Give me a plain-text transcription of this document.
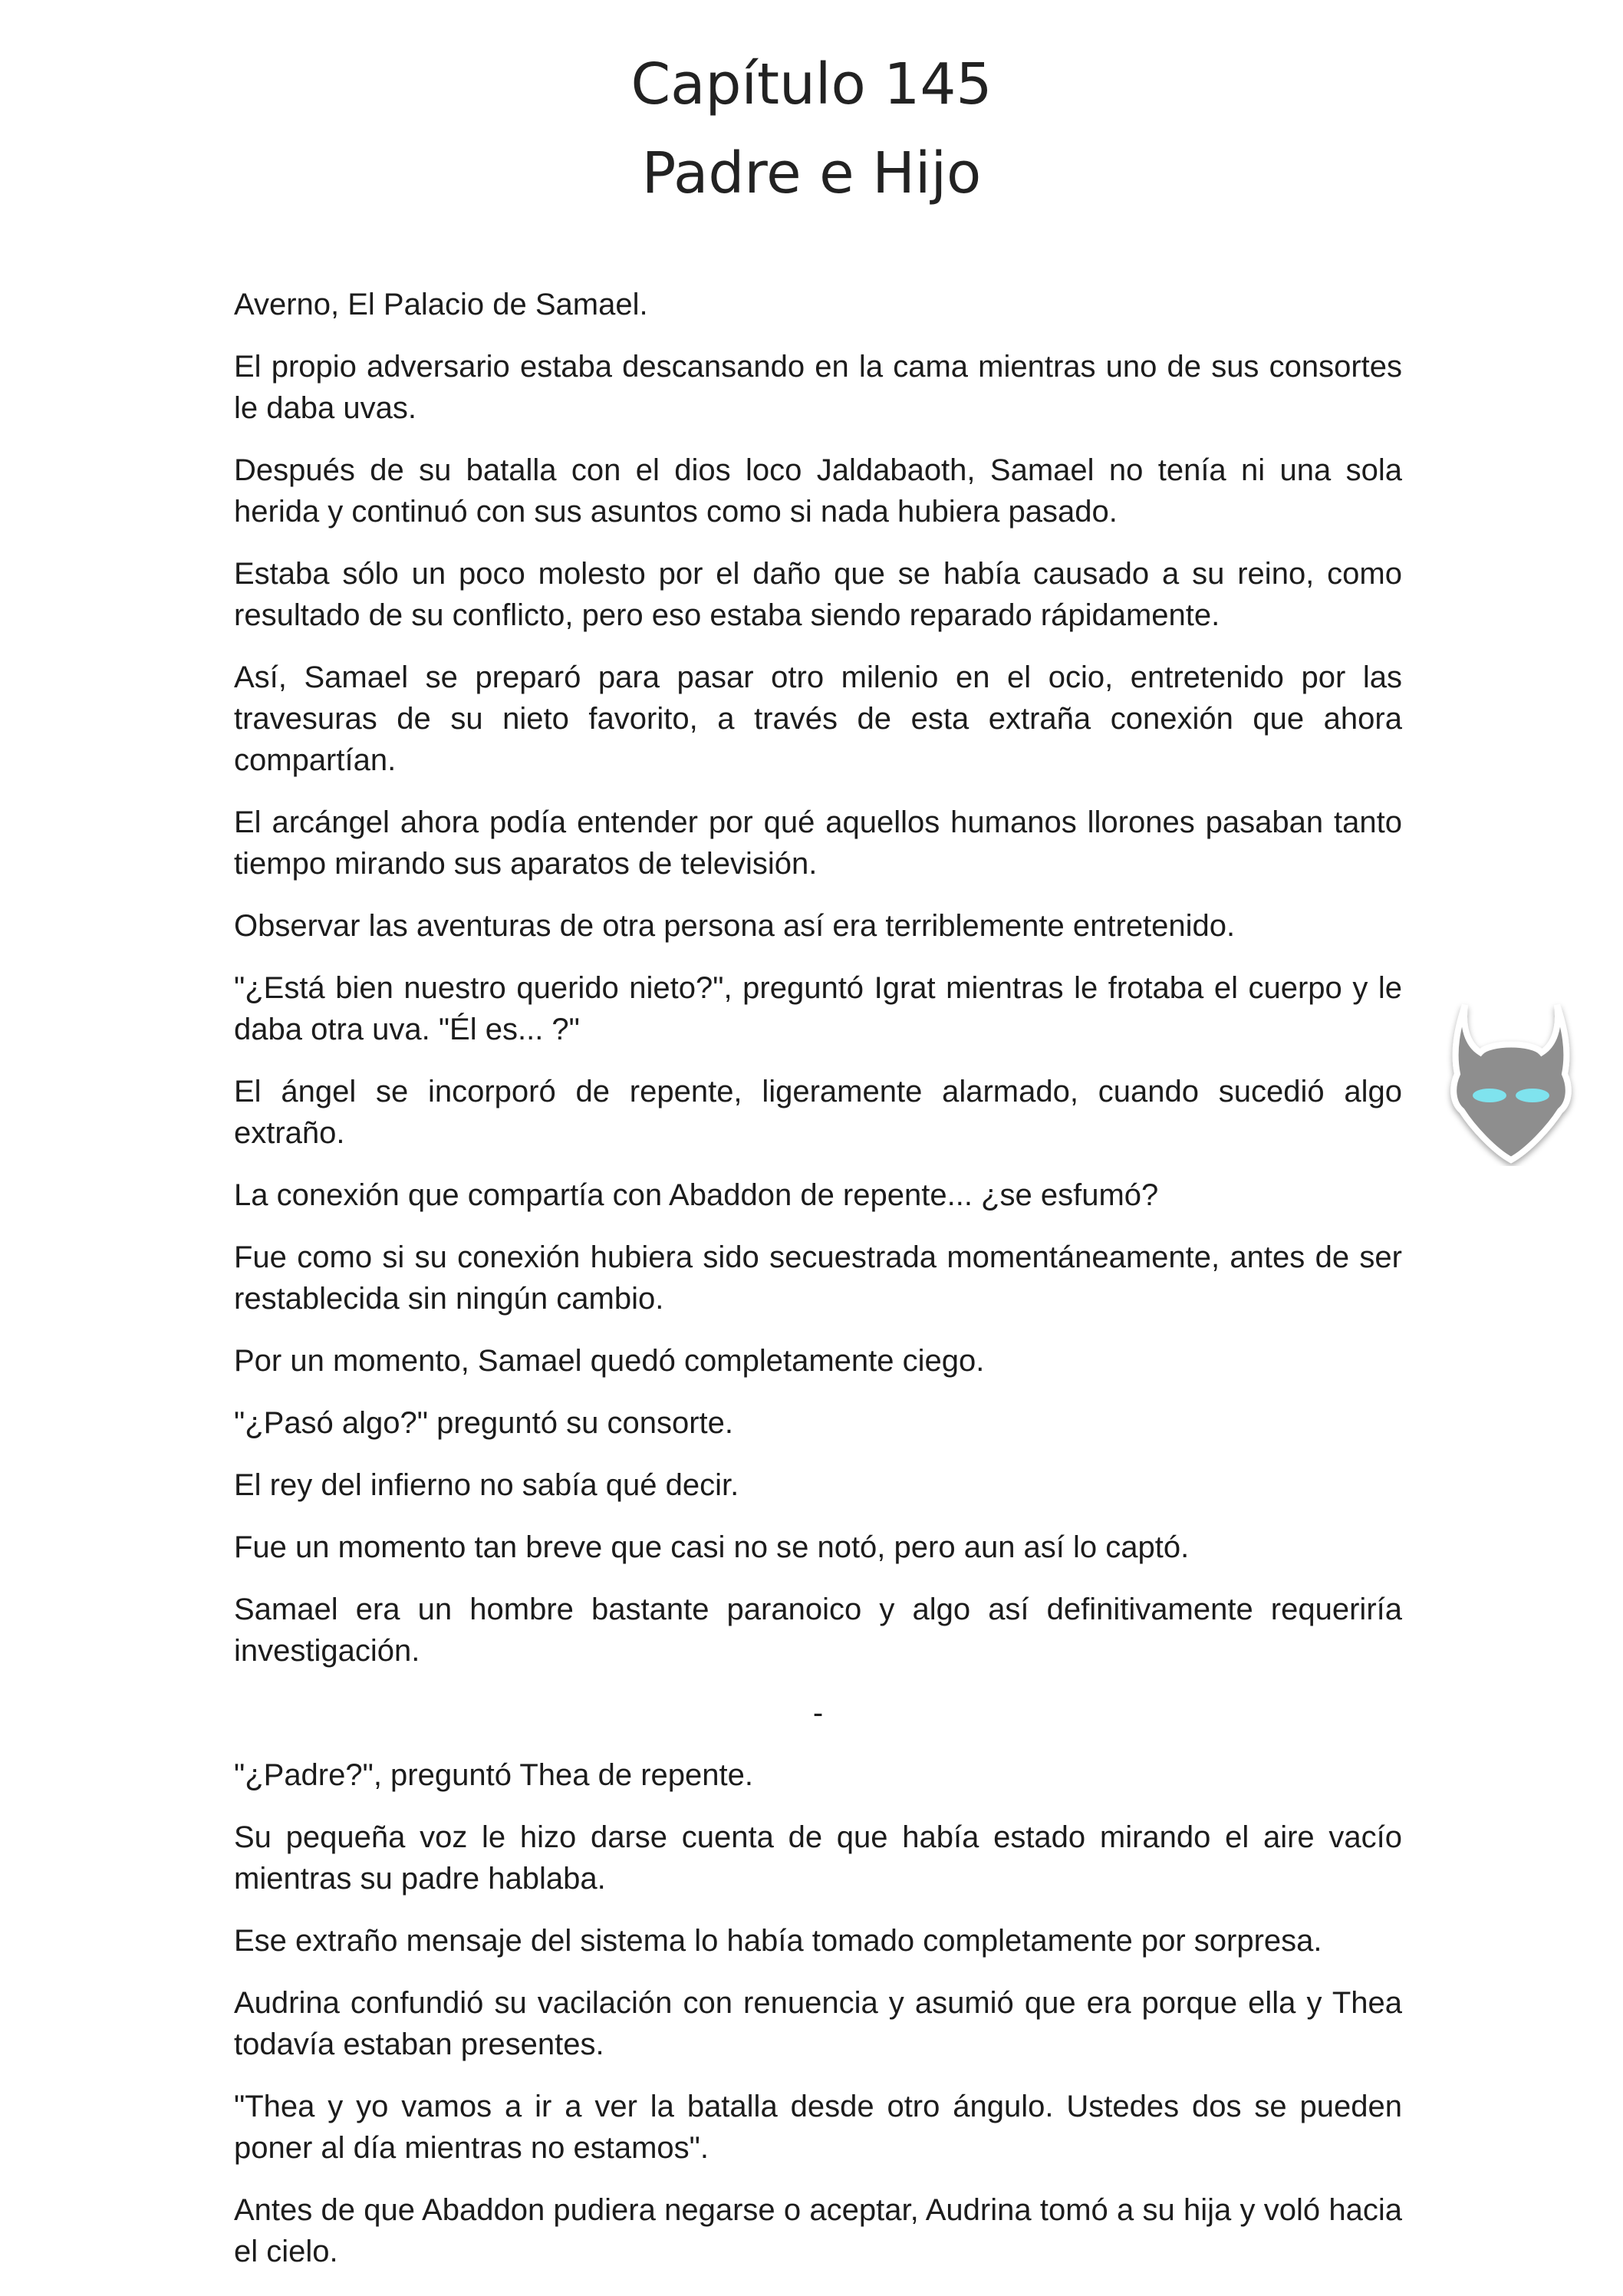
Capítulo 145
Padre e Hijo

Averno, El Palacio de Samael.

El propio adversario estaba descansando en la cama mientras uno de sus consortes le daba uvas.

Después de su batalla con el dios loco Jaldabaoth, Samael no tenía ni una sola herida y continuó con sus asuntos como si nada hubiera pasado.

Estaba sólo un poco molesto por el daño que se había causado a su reino, como resultado de su conflicto, pero eso estaba siendo reparado rápidamente.

Así, Samael se preparó para pasar otro milenio en el ocio, entretenido por las travesuras de su nieto favorito, a través de esta extraña conexión que ahora compartían.

El arcángel ahora podía entender por qué aquellos humanos llorones pasaban tanto tiempo mirando sus aparatos de televisión.

Observar las aventuras de otra persona así era terriblemente entretenido.

"¿Está bien nuestro querido nieto?", preguntó Igrat mientras le frotaba el cuerpo y le daba otra uva. "Él es... ?"

El ángel se incorporó de repente, ligeramente alarmado, cuando sucedió algo extraño.

La conexión que compartía con Abaddon de repente... ¿se esfumó?

Fue como si su conexión hubiera sido secuestrada momentáneamente, antes de ser restablecida sin ningún cambio.

Por un momento, Samael quedó completamente ciego.

"¿Pasó algo?" preguntó su consorte.

El rey del infierno no sabía qué decir.

Fue un momento tan breve que casi no se notó, pero aun así lo captó.

Samael era un hombre bastante paranoico y algo así definitivamente requeriría investigación.

-

"¿Padre?", preguntó Thea de repente.

Su pequeña voz le hizo darse cuenta de que había estado mirando el aire vacío mientras su padre hablaba.

Ese extraño mensaje del sistema lo había tomado completamente por sorpresa.

Audrina confundió su vacilación con renuencia y asumió que era porque ella y Thea todavía estaban presentes.

"Thea y yo vamos a ir a ver la batalla desde otro ángulo. Ustedes dos se pueden poner al día mientras no estamos".

Antes de que Abaddon pudiera negarse o aceptar, Audrina tomó a su hija y voló hacia el cielo.
